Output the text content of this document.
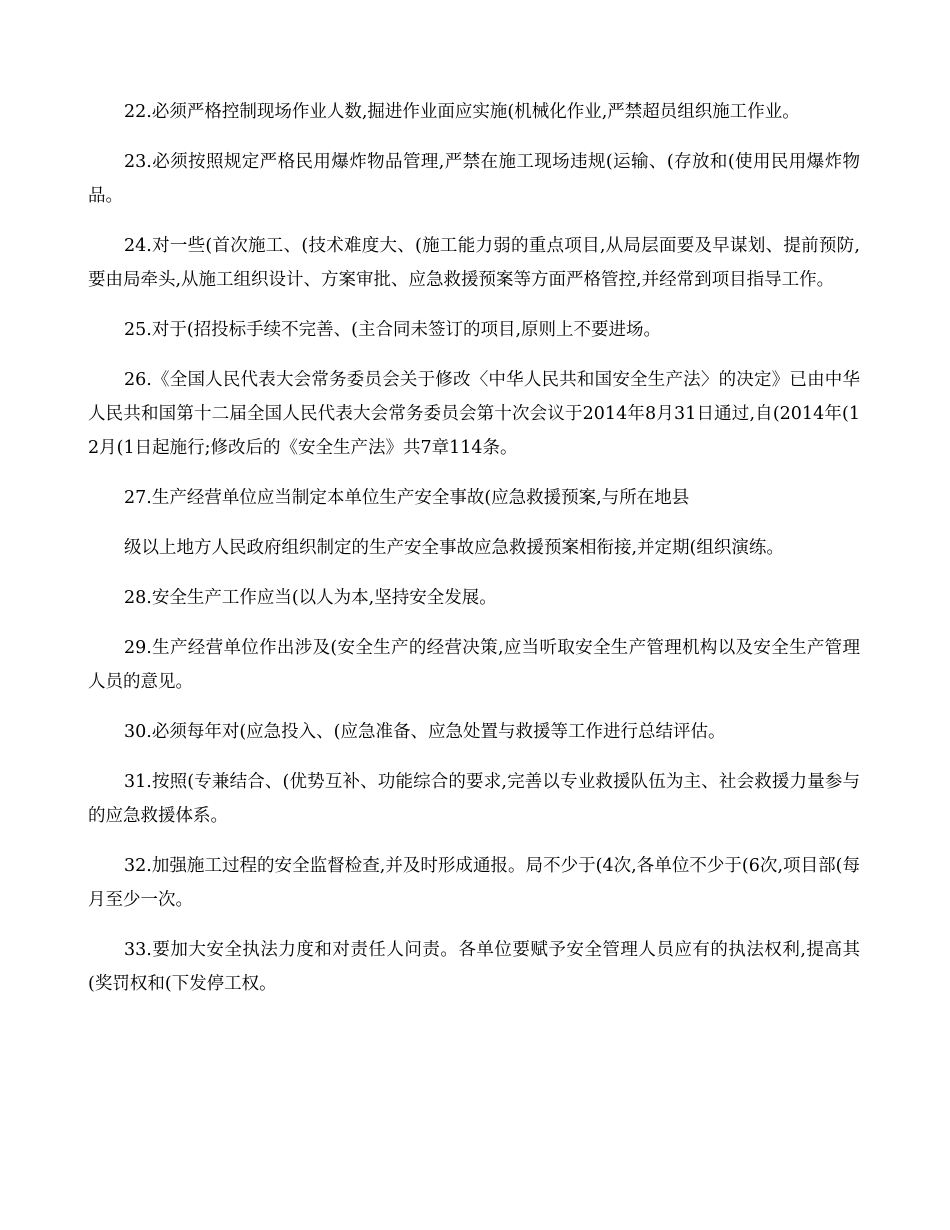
22.必须严格控制现场作业人数,掘进作业面应实施(机械化作业,严禁超员组织施工作业。

23.必须按照规定严格民用爆炸物品管理,严禁在施工现场违规(运输、(存放和(使用民用爆炸物品。

24.对一些(首次施工、(技术难度大、(施工能力弱的重点项目,从局层面要及早谋划、提前预防,要由局牵头,从施工组织设计、方案审批、应急救援预案等方面严格管控,并经常到项目指导工作。

25.对于(招投标手续不完善、(主合同未签订的项目,原则上不要进场。

26.《全国人民代表大会常务委员会关于修改〈中华人民共和国安全生产法〉的决定》已由中华人民共和国第十二届全国人民代表大会常务委员会第十次会议于2014年8月31日通过,自(2014年(12月(1日起施行;修改后的《安全生产法》共7章114条。

27.生产经营单位应当制定本单位生产安全事故(应急救援预案,与所在地县

级以上地方人民政府组织制定的生产安全事故应急救援预案相衔接,并定期(组织演练。

28.安全生产工作应当(以人为本,坚持安全发展。

29.生产经营单位作出涉及(安全生产的经营决策,应当听取安全生产管理机构以及安全生产管理人员的意见。

30.必须每年对(应急投入、(应急准备、应急处置与救援等工作进行总结评估。

31.按照(专兼结合、(优势互补、功能综合的要求,完善以专业救援队伍为主、社会救援力量参与的应急救援体系。

32.加强施工过程的安全监督检查,并及时形成通报。局不少于(4次,各单位不少于(6次,项目部(每月至少一次。

33.要加大安全执法力度和对责任人问责。各单位要赋予安全管理人员应有的执法权利,提高其(奖罚权和(下发停工权。
